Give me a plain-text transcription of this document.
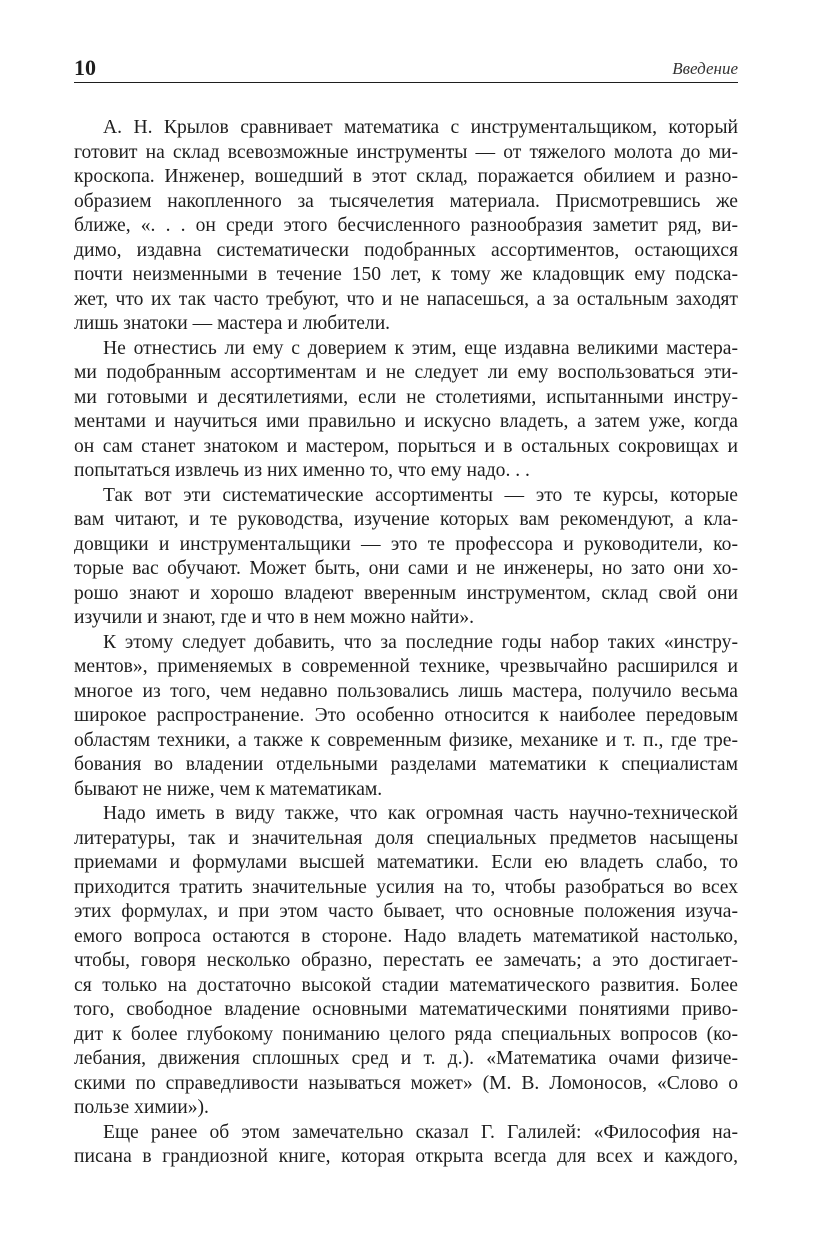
10	Введение
А. Н. Крылов сравнивает математика с инструментальщиком, который
готовит на склад всевозможные инструменты — от тяжелого молота до ми-
кроскопа. Инженер, вошедший в этот склад, поражается обилием и разно-
образием накопленного за тысячелетия материала. Присмотревшись же
ближе, «. . . он среди этого бесчисленного разнообразия заметит ряд, ви-
димо, издавна систематически подобранных ассортиментов, остающихся
почти неизменными в течение 150 лет, к тому же кладовщик ему подска-
жет, что их так часто требуют, что и не напасешься, а за остальным заходят
лишь знатоки — мастера и любители.
Не отнестись ли ему с доверием к этим, еще издавна великими мастера-
ми подобранным ассортиментам и не следует ли ему воспользоваться эти-
ми готовыми и десятилетиями, если не столетиями, испытанными инстру-
ментами и научиться ими правильно и искусно владеть, а затем уже, когда
он сам станет знатоком и мастером, порыться и в остальных сокровищах и
попытаться извлечь из них именно то, что ему надо. . .
Так вот эти систематические ассортименты — это те курсы, которые
вам читают, и те руководства, изучение которых вам рекомендуют, а кла-
довщики и инструментальщики — это те профессора и руководители, ко-
торые вас обучают. Может быть, они сами и не инженеры, но зато они хо-
рошо знают и хорошо владеют вверенным инструментом, склад свой они
изучили и знают, где и что в нем можно найти».
К этому следует добавить, что за последние годы набор таких «инстру-
ментов», применяемых в современной технике, чрезвычайно расширился и
многое из того, чем недавно пользовались лишь мастера, получило весьма
широкое распространение. Это особенно относится к наиболее передовым
областям техники, а также к современным физике, механике и т. п., где тре-
бования во владении отдельными разделами математики к специалистам
бывают не ниже, чем к математикам.
Надо иметь в виду также, что как огромная часть научно-технической
литературы, так и значительная доля специальных предметов насыщены
приемами и формулами высшей математики. Если ею владеть слабо, то
приходится тратить значительные усилия на то, чтобы разобраться во всех
этих формулах, и при этом часто бывает, что основные положения изуча-
емого вопроса остаются в стороне. Надо владеть математикой настолько,
чтобы, говоря несколько образно, перестать ее замечать; а это достигает-
ся только на достаточно высокой стадии математического развития. Более
того, свободное владение основными математическими понятиями приво-
дит к более глубокому пониманию целого ряда специальных вопросов (ко-
лебания, движения сплошных сред и т. д.). «Математика очами физиче-
скими по справедливости называться может» (М. В. Ломоносов, «Слово о
пользе химии»).
Еще ранее об этом замечательно сказал Г. Галилей: «Философия на-
писана в грандиозной книге, которая открыта всегда для всех и каждого,
